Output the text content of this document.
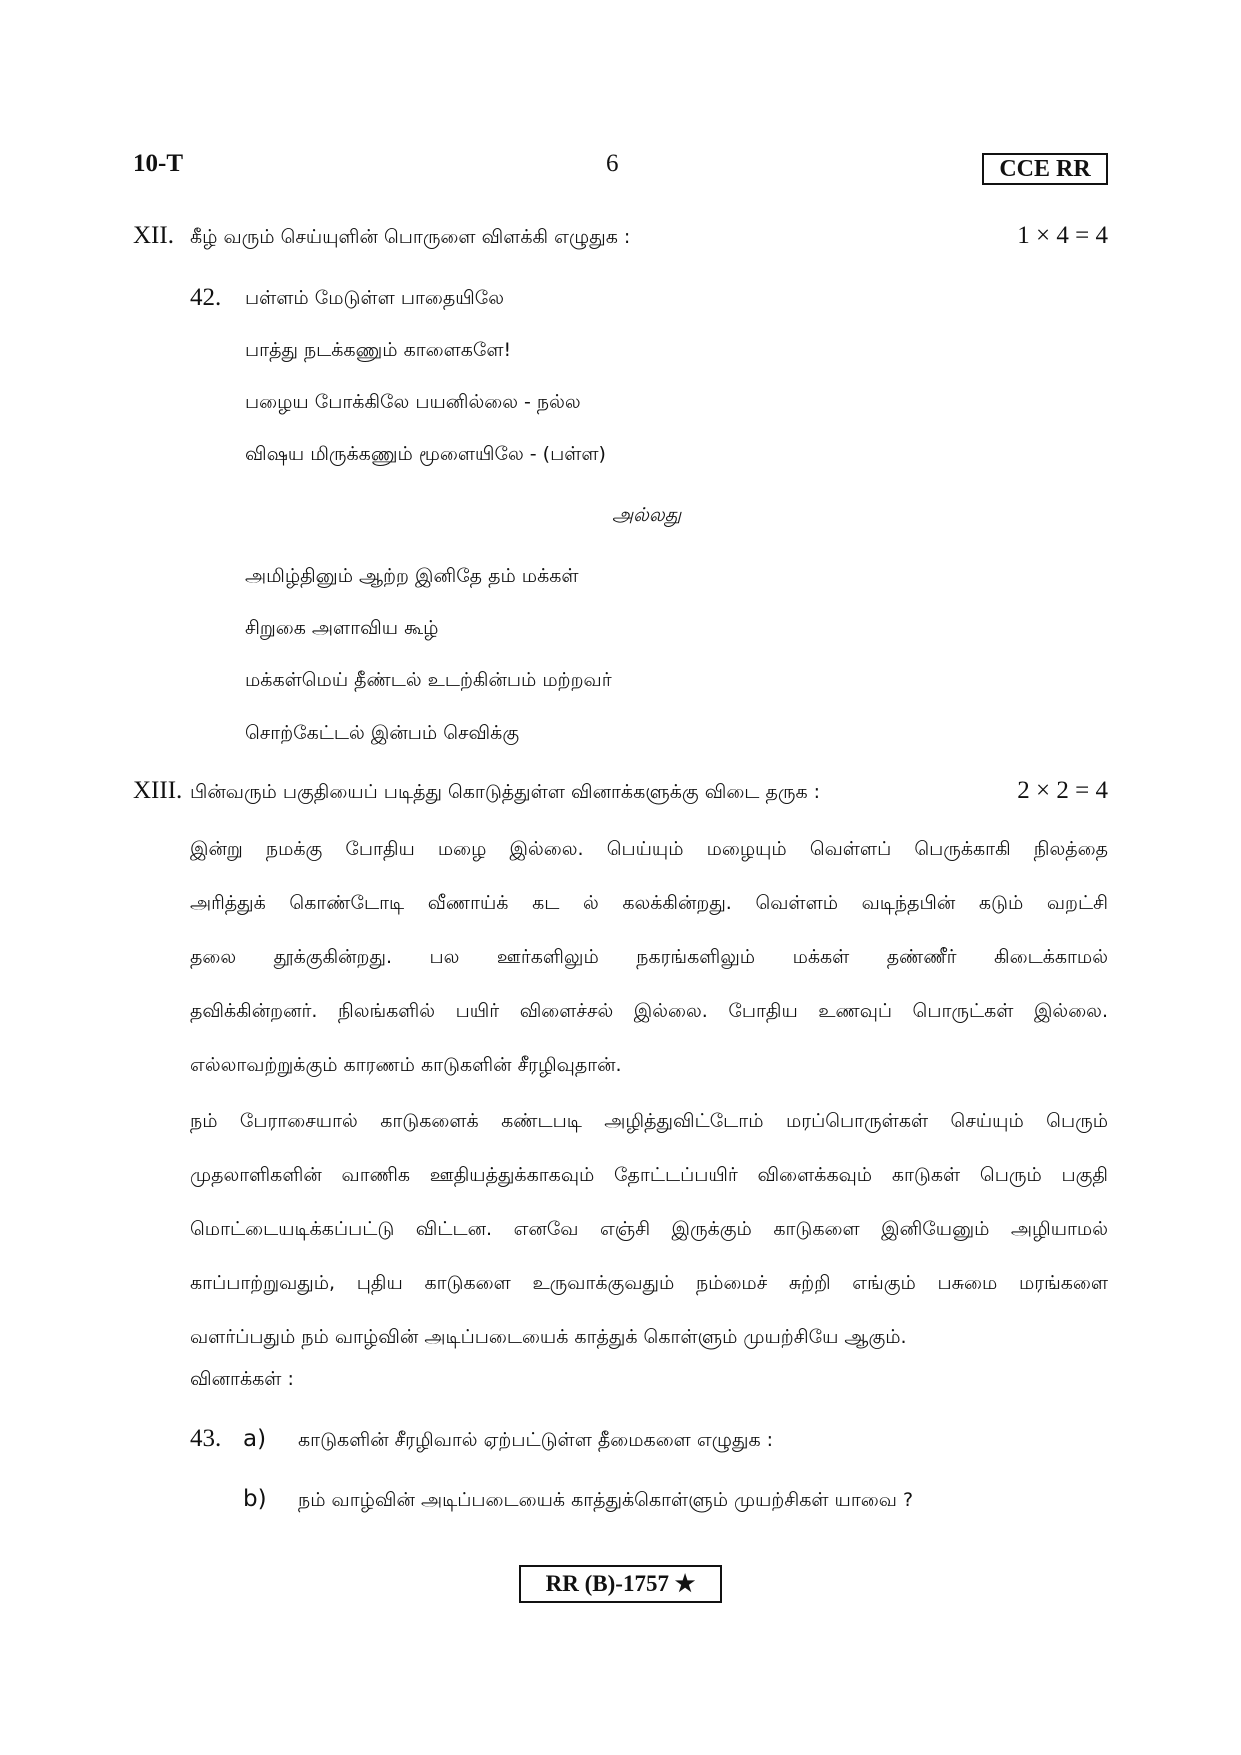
10-T	6	CCE RR
XII. கீழ் வரும் செய்யுளின் பொருளை விளக்கி எழுதுக :	1 × 4 = 4
42. பள்ளம் மேடுள்ள பாதையிலே
பாத்து நடக்கணும் காளைகளே!
பழைய போக்கிலே பயனில்லை - நல்ல
விஷய மிருக்கணும் மூளையிலே - (பள்ள)
அல்லது
அமிழ்தினும் ஆற்ற இனிதே தம் மக்கள்
சிறுகை அளாவிய கூழ்
மக்கள்மெய் தீண்டல் உடற்கின்பம் மற்றவர்
சொற்கேட்டல் இன்பம் செவிக்கு
XIII. பின்வரும் பகுதியைப் படித்து கொடுத்துள்ள வினாக்களுக்கு விடை தருக :	2 × 2 = 4
இன்று நமக்கு போதிய மழை இல்லை. பெய்யும் மழையும் வெள்ளப் பெருக்காகி நிலத்தை
அரித்துக் கொண்டோடி வீணாய்க் கட ல் கலக்கின்றது. வெள்ளம் வடிந்தபின் கடும் வறட்சி
தலை தூக்குகின்றது. பல ஊர்களிலும் நகரங்களிலும் மக்கள் தண்ணீர் கிடைக்காமல்
தவிக்கின்றனர். நிலங்களில் பயிர் விளைச்சல் இல்லை. போதிய உணவுப் பொருட்கள் இல்லை.
எல்லாவற்றுக்கும் காரணம் காடுகளின் சீரழிவுதான்.
நம் பேராசையால் காடுகளைக் கண்டபடி அழித்துவிட்டோம் மரப்பொருள்கள் செய்யும் பெரும்
முதலாளிகளின் வாணிக ஊதியத்துக்காகவும் தோட்டப்பயிர் விளைக்கவும் காடுகள் பெரும் பகுதி
மொட்டையடிக்கப்பட்டு விட்டன. எனவே எஞ்சி இருக்கும் காடுகளை இனியேனும் அழியாமல்
காப்பாற்றுவதும், புதிய காடுகளை உருவாக்குவதும் நம்மைச் சுற்றி எங்கும் பசுமை மரங்களை
வளர்ப்பதும் நம் வாழ்வின் அடிப்படையைக் காத்துக் கொள்ளும் முயற்சியே ஆகும்.
வினாக்கள் :
43. a) காடுகளின் சீரழிவால் ஏற்பட்டுள்ள தீமைகளை எழுதுக :
b) நம் வாழ்வின் அடிப்படையைக் காத்துக்கொள்ளும் முயற்சிகள் யாவை ?
RR (B)-1757 ★
